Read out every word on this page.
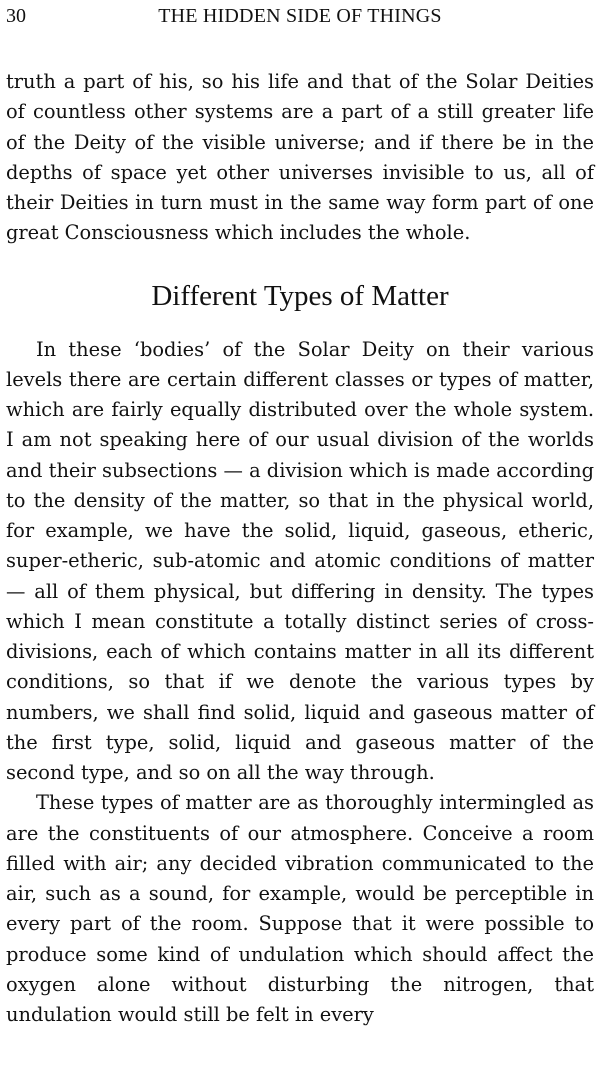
30	THE HIDDEN SIDE OF THINGS

truth a part of his, so his life and that of the Solar Deities of countless other systems are a part of a still greater life of the Deity of the visible universe; and if there be in the depths of space yet other universes invisible to us, all of their Deities in turn must in the same way form part of one great Consciousness which includes the whole.

Different Types of Matter

In these ‘bodies’ of the Solar Deity on their various levels there are certain different classes or types of matter, which are fairly equally distributed over the whole system. I am not speaking here of our usual division of the worlds and their subsections — a division which is made according to the density of the matter, so that in the physical world, for example, we have the solid, liquid, gaseous, etheric, super-etheric, sub-atomic and atomic conditions of matter — all of them physical, but differing in density. The types which I mean constitute a totally distinct series of cross-divisions, each of which contains matter in all its different conditions, so that if we denote the various types by numbers, we shall find solid, liquid and gaseous matter of the first type, solid, liquid and gaseous matter of the second type, and so on all the way through.

These types of matter are as thoroughly intermingled as are the constituents of our atmosphere. Conceive a room filled with air; any decided vibration communicated to the air, such as a sound, for example, would be perceptible in every part of the room. Suppose that it were possible to produce some kind of undulation which should affect the oxygen alone without disturbing the nitrogen, that undulation would still be felt in every
